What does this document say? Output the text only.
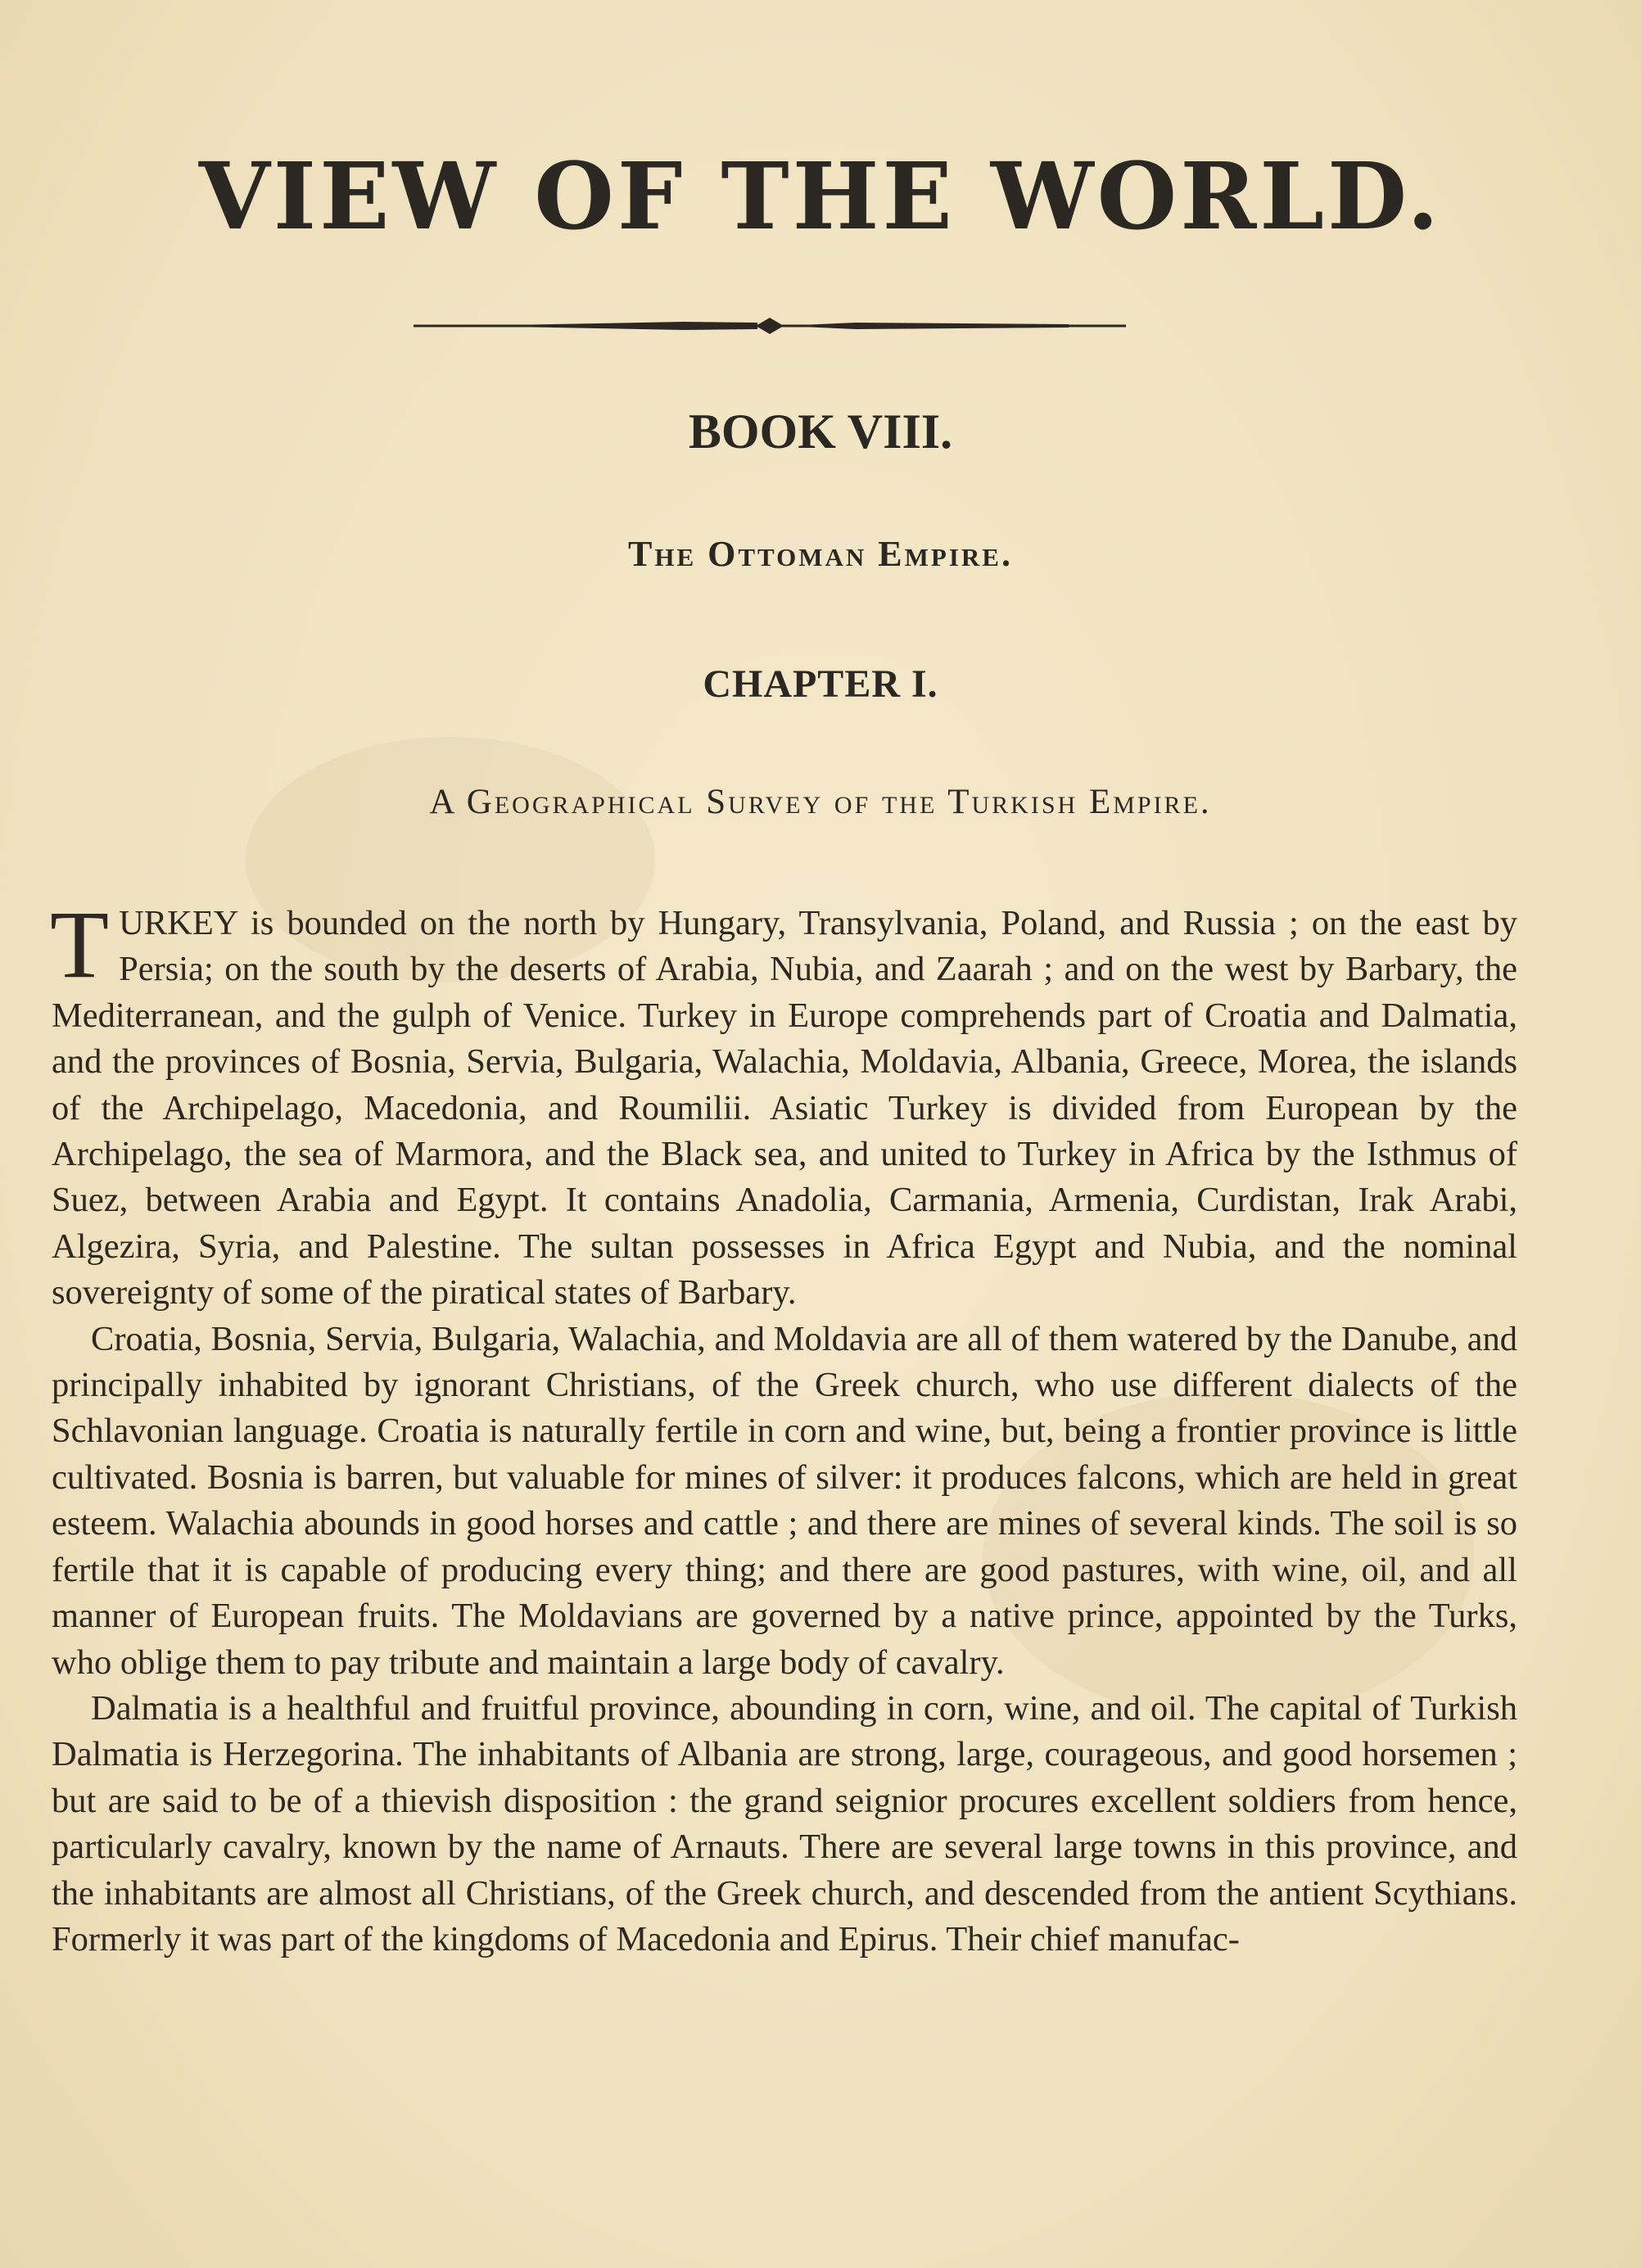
VIEW OF THE WORLD.
BOOK VIII.
The Ottoman Empire.
CHAPTER I.
A Geographical Survey of the Turkish Empire.

TURKEY is bounded on the north by Hungary, Transylvania, Poland, and Russia ; on the east by Persia; on the south by the deserts of Arabia, Nubia, and Zaarah ; and on the west by Barbary, the Mediterranean, and the gulph of Venice. Turkey in Europe comprehends part of Croatia and Dalmatia, and the provinces of Bosnia, Servia, Bulgaria, Walachia, Moldavia, Albania, Greece, Morea, the islands of the Archipelago, Macedonia, and Roumilii. Asiatic Turkey is divided from European by the Archipelago, the sea of Marmora, and the Black sea, and united to Turkey in Africa by the Isthmus of Suez, between Arabia and Egypt. It contains Anadolia, Carmania, Armenia, Curdistan, Irak Arabi, Algezira, Syria, and Palestine. The sultan possesses in Africa Egypt and Nubia, and the nominal sovereignty of some of the piratical states of Barbary.

Croatia, Bosnia, Servia, Bulgaria, Walachia, and Moldavia are all of them watered by the Danube, and principally inhabited by ignorant Christians, of the Greek church, who use different dialects of the Schlavonian language. Croatia is naturally fertile in corn and wine, but, being a frontier province is little cultivated. Bosnia is barren, but valuable for mines of silver: it produces falcons, which are held in great esteem. Walachia abounds in good horses and cattle ; and there are mines of several kinds. The soil is so fertile that it is capable of producing every thing; and there are good pastures, with wine, oil, and all manner of European fruits. The Moldavians are governed by a native prince, appointed by the Turks, who oblige them to pay tribute and maintain a large body of cavalry.

Dalmatia is a healthful and fruitful province, abounding in corn, wine, and oil. The capital of Turkish Dalmatia is Herzegorina. The inhabitants of Albania are strong, large, courageous, and good horsemen ; but are said to be of a thievish disposition : the grand seignior procures excellent soldiers from hence, particularly cavalry, known by the name of Arnauts. There are several large towns in this province, and the inhabitants are almost all Christians, of the Greek church, and descended from the antient Scythians. Formerly it was part of the kingdoms of Macedonia and Epirus. Their chief manufac-
